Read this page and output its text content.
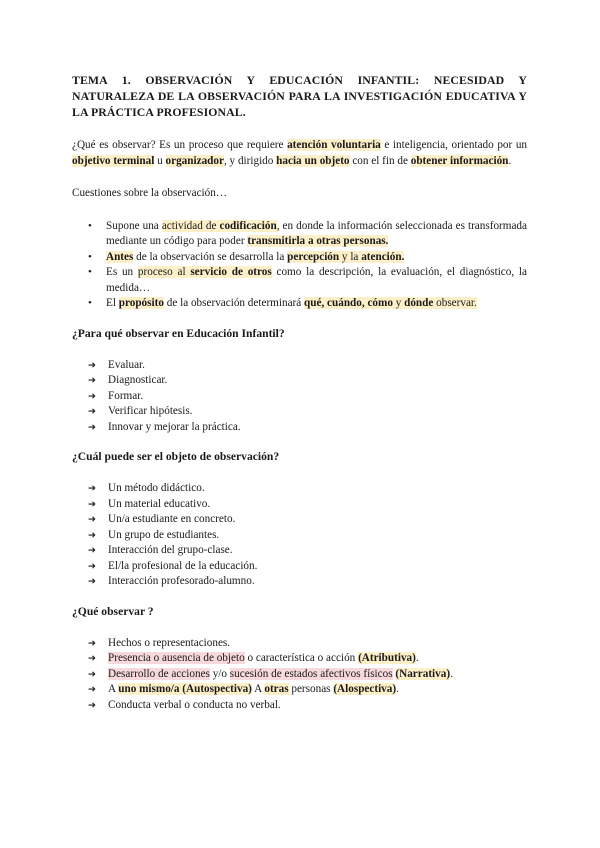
TEMA 1. OBSERVACIÓN Y EDUCACIÓN INFANTIL: NECESIDAD Y NATURALEZA DE LA OBSERVACIÓN PARA LA INVESTIGACIÓN EDUCATIVA Y LA PRÁCTICA PROFESIONAL.

¿Qué es observar? Es un proceso que requiere atención voluntaria e inteligencia, orientado por un objetivo terminal u organizador, y dirigido hacia un objeto con el fin de obtener información.

Cuestiones sobre la observación…

• Supone una actividad de codificación, en donde la información seleccionada es transformada mediante un código para poder transmitirla a otras personas.
• Antes de la observación se desarrolla la percepción y la atención.
• Es un proceso al servicio de otros como la descripción, la evaluación, el diagnóstico, la medida…
• El propósito de la observación determinará qué, cuándo, cómo y dónde observar.
¿Para qué observar en Educación Infantil?
➔ Evaluar.
➔ Diagnosticar.
➔ Formar.
➔ Verificar hipótesis.
➔ Innovar y mejorar la práctica.
¿Cuál puede ser el objeto de observación?
➔ Un método didáctico.
➔ Un material educativo.
➔ Un/a estudiante en concreto.
➔ Un grupo de estudiantes.
➔ Interacción del grupo-clase.
➔ El/la profesional de la educación.
➔ Interacción profesorado-alumno.
¿Qué observar ?
➔ Hechos o representaciones.
➔ Presencia o ausencia de objeto o característica o acción (Atributiva).
➔ Desarrollo de acciones y/o sucesión de estados afectivos físicos (Narrativa).
➔ A uno mismo/a (Autospectiva) A otras personas (Alospectiva).
➔ Conducta verbal o conducta no verbal.
